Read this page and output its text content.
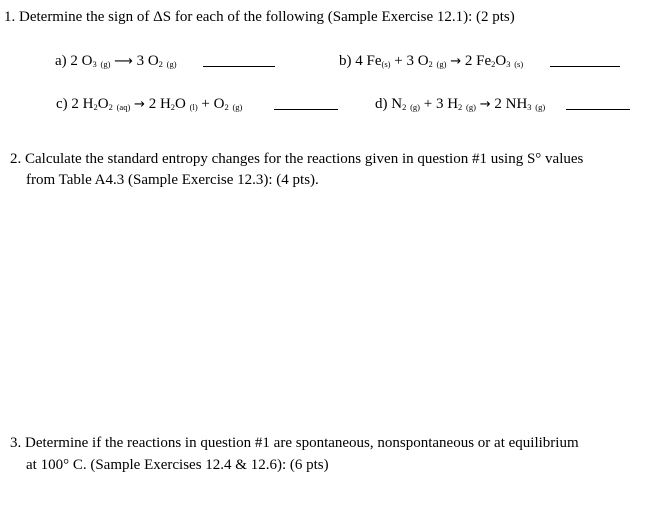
1. Determine the sign of ΔS for each of the following (Sample Exercise 12.1): (2 pts)
a) 2 $O_3$ (g) ⟶ 3 $O_2$ (g)	b) 4 Fe(s) + 3 $O_2$ (g) → 2 $Fe_2O_3$ (s)
c) 2 $H_2O_2$ (aq) → 2 $H_2O$ $(l) + O_2$ (g)	d) $N_2$ (g) + 3 $H_2$ (g) → 2 $NH_3$ (g)
2. Calculate the standard entropy changes for the reactions given in question #1 using S° values
from Table A4.3 (Sample Exercise 12.3): (4 pts).
3. Determine if the reactions in question #1 are spontaneous, nonspontaneous or at equilibrium
at 100° C. (Sample Exercises 12.4 & 12.6): (6 pts)
